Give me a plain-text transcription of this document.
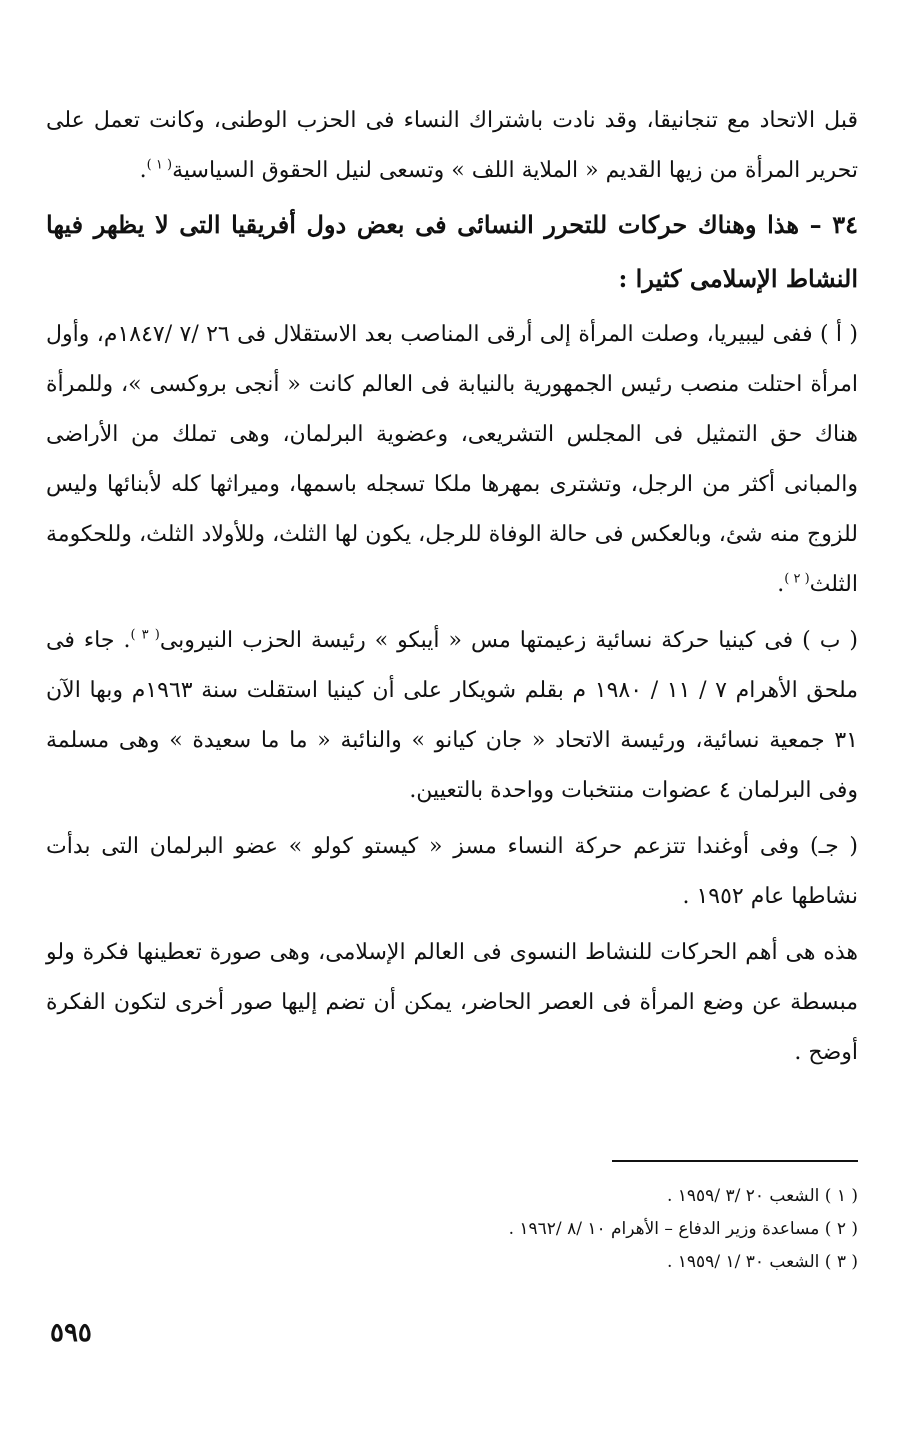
قبل الاتحاد مع تنجانيقا، وقد نادت باشتراك النساء فى الحزب الوطنى، وكانت تعمل على تحرير المرأة من زيها القديم « الملاية اللف » وتسعى لنيل الحقوق السياسية$^{( ١ )}$.

٣٤ – هذا وهناك حركات للتحرر النسائى فى بعض دول أفريقيا التى لا يظهر فيها النشاط الإسلامى كثيرا :

( أ ) ففى ليبيريا، وصلت المرأة إلى أرقى المناصب بعد الاستقلال فى ٢٦ /٧ /١٨٤٧م، وأول امرأة احتلت منصب رئيس الجمهورية بالنيابة فى العالم كانت « أنجى بروكسى »، وللمرأة هناك حق التمثيل فى المجلس التشريعى، وعضوية البرلمان، وهى تملك من الأراضى والمبانى أكثر من الرجل، وتشترى بمهرها ملكا تسجله باسمها، وميراثها كله لأبنائها وليس للزوج منه شئ، وبالعكس فى حالة الوفاة للرجل، يكون لها الثلث، وللأولاد الثلث، وللحكومة الثلث$^{( ٢ )}$.

( ب ) فى كينيا حركة نسائية زعيمتها مس « أيبكو » رئيسة الحزب النيروبى$^{( ٣ )}$. جاء فى ملحق الأهرام ٧ / ١١ / ١٩٨٠ م بقلم شويكار على أن كينيا استقلت سنة ١٩٦٣م وبها الآن ٣١ جمعية نسائية، ورئيسة الاتحاد « جان كيانو » والنائبة « ما ما سعيدة » وهى مسلمة وفى البرلمان ٤ عضوات منتخبات وواحدة بالتعيين.

( جـ) وفى أوغندا تتزعم حركة النساء مسز « كيستو كولو » عضو البرلمان التى بدأت نشاطها عام ١٩٥٢ .

هذه هى أهم الحركات للنشاط النسوى فى العالم الإسلامى، وهى صورة تعطينها فكرة ولو مبسطة عن وضع المرأة فى العصر الحاضر، يمكن أن تضم إليها صور أخرى لتكون الفكرة أوضح .

( ١ ) الشعب ٢٠ /٣ /١٩٥٩ .

( ٢ ) مساعدة وزير الدفاع – الأهرام ١٠ /٨ /١٩٦٢ .

( ٣ ) الشعب ٣٠ /١ /١٩٥٩ .

٥٩٥
